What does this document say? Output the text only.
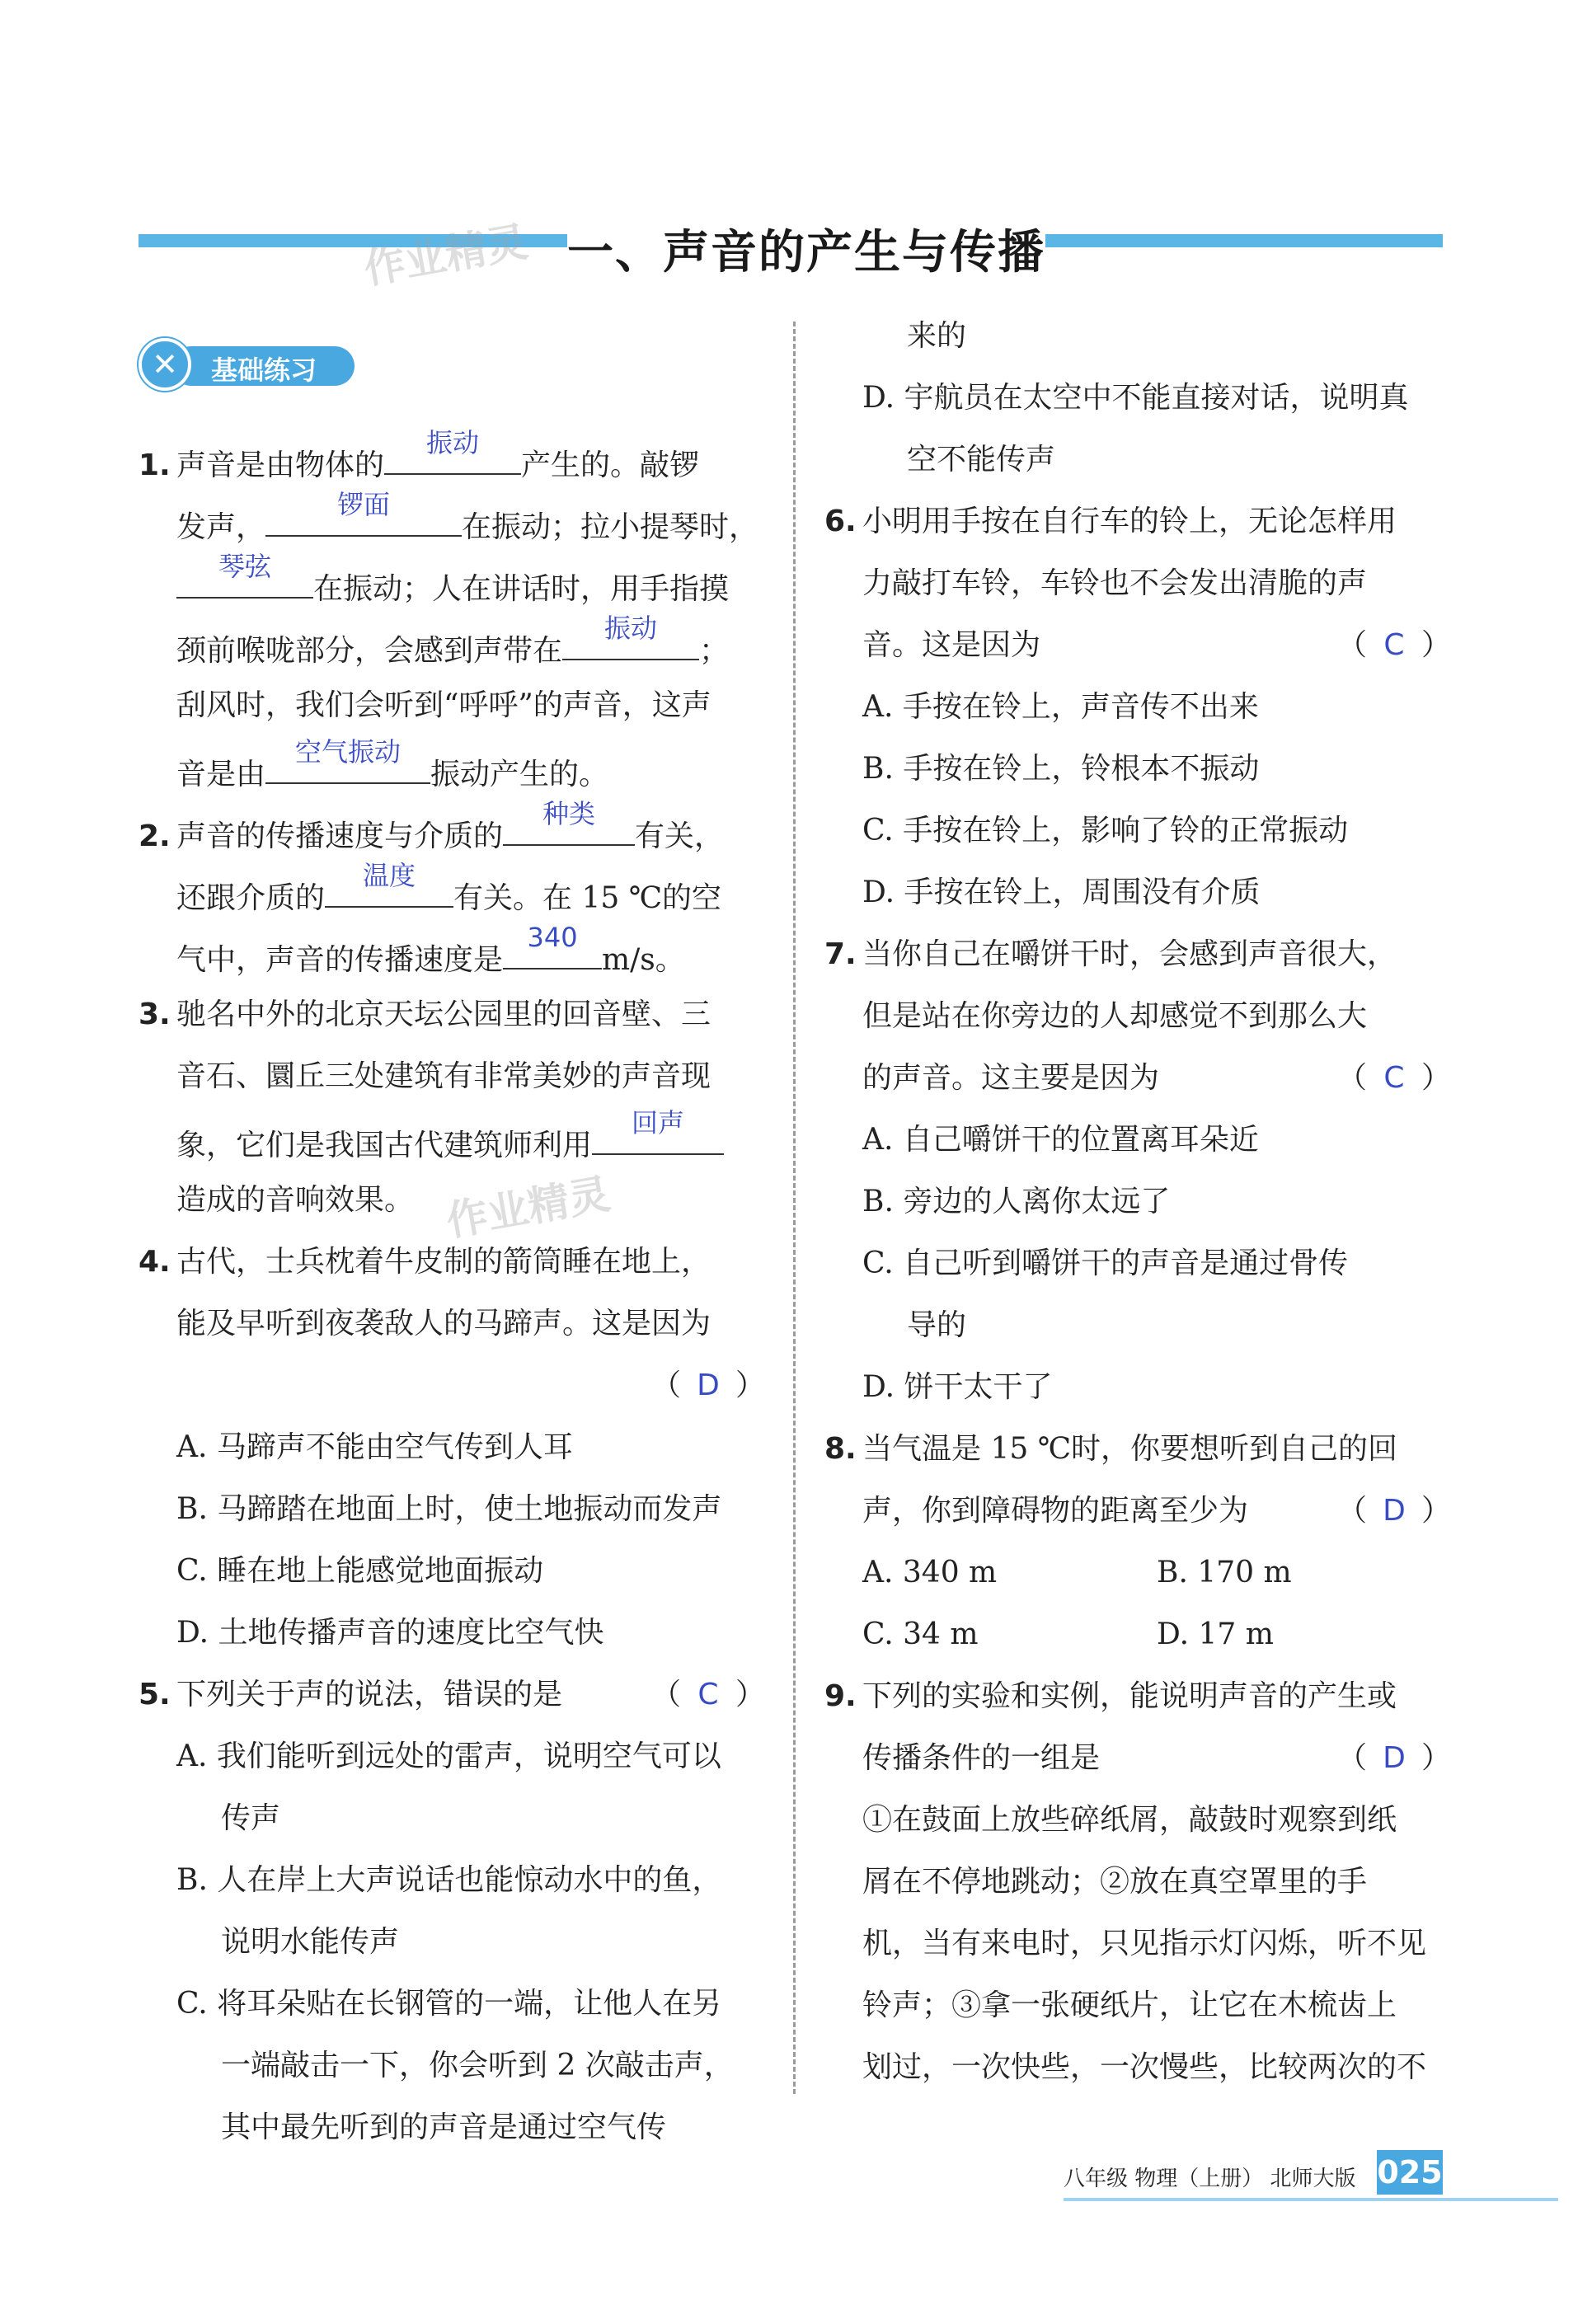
一、声音的产生与传播
作业精灵
作业精灵
✕	基础练习
1. 声音是由物体的
振动
产生的。敲锣
发声，
锣面
在振动；拉小提琴时，
琴弦
在振动；人在讲话时，用手指摸
颈前喉咙部分，会感到声带在
振动
；
刮风时，我们会听到“呼呼”的声音，这声
音是由
空气振动
振动产生的。
2. 声音的传播速度与介质的
种类
有关，
还跟介质的
温度
有关。在 15 ℃的空
气中，声音的传播速度是
340
m/s。
3. 驰名中外的北京天坛公园里的回音壁、三
音石、圜丘三处建筑有非常美妙的声音现
象，它们是我国古代建筑师利用
回声
造成的音响效果。
4. 古代，士兵枕着牛皮制的箭筒睡在地上，
能及早听到夜袭敌人的马蹄声。这是因为
（ D ）
A. 马蹄声不能由空气传到人耳
B. 马蹄踏在地面上时，使土地振动而发声
C. 睡在地上能感觉地面振动
D. 土地传播声音的速度比空气快
5. 下列关于声的说法，错误的是	（ C ）
A. 我们能听到远处的雷声，说明空气可以
传声
B. 人在岸上大声说话也能惊动水中的鱼，
说明水能传声
C. 将耳朵贴在长钢管的一端，让他人在另
一端敲击一下，你会听到 2 次敲击声，
其中最先听到的声音是通过空气传
来的
D. 宇航员在太空中不能直接对话，说明真
空不能传声
6. 小明用手按在自行车的铃上，无论怎样用
力敲打车铃，车铃也不会发出清脆的声
音。这是因为	（ C ）
A. 手按在铃上，声音传不出来
B. 手按在铃上，铃根本不振动
C. 手按在铃上，影响了铃的正常振动
D. 手按在铃上，周围没有介质
7. 当你自己在嚼饼干时，会感到声音很大，
但是站在你旁边的人却感觉不到那么大
的声音。这主要是因为	（ C ）
A. 自己嚼饼干的位置离耳朵近
B. 旁边的人离你太远了
C. 自己听到嚼饼干的声音是通过骨传
导的
D. 饼干太干了
8. 当气温是 15 ℃时，你要想听到自己的回
声，你到障碍物的距离至少为	（ D ）
A. 340 m	B. 170 m
C. 34 m	D. 17 m
9. 下列的实验和实例，能说明声音的产生或
传播条件的一组是	（ D ）
①在鼓面上放些碎纸屑，敲鼓时观察到纸
屑在不停地跳动；②放在真空罩里的手
机，当有来电时，只见指示灯闪烁，听不见
铃声；③拿一张硬纸片，让它在木梳齿上
划过，一次快些，一次慢些，比较两次的不
八年级 物理（上册） 北师大版 025
